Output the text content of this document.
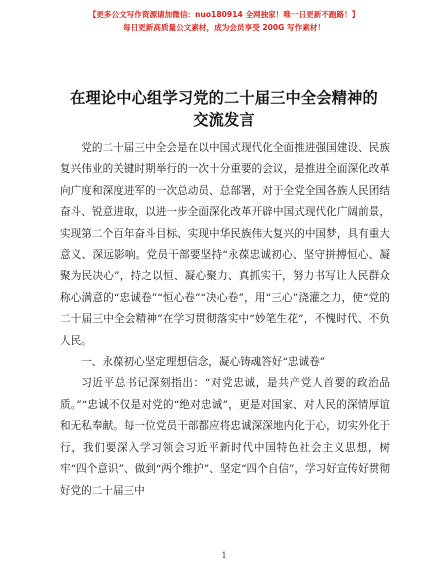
【更多公文写作资源请加微信：nuo180914 全网独家！唯一日更新不跑路！】
每日更新高质量公文素材，成为会员享受 200G 写作素材！
在理论中心组学习党的二十届三中全会精神的
交流发言

党的二十届三中全会是在以中国式现代化全面推进强国建设、民族复兴伟业的关键时期举行的一次十分重要的会议，是推进全面深化改革向广度和深度进军的一次总动员、总部署，对于全党全国各族人民团结奋斗、锐意进取，以进一步全面深化改革开辟中国式现代化广阔前景，实现第二个百年奋斗目标、实现中华民族伟大复兴的中国梦，具有重大意义、深远影响。党员干部要坚持“永葆忠诚初心、坚守拼搏恒心、凝聚为民决心”，持之以恒、凝心聚力、真抓实干，努力书写让人民群众称心满意的“忠诚卷”“恒心卷”“决心卷”，用“三心”浇灌之力，使“党的二十届三中全会精神”在学习贯彻落实中“妙笔生花”，不愧时代、不负人民。

一、永葆初心坚定理想信念，凝心铸魂答好“忠诚卷”

习近平总书记深刻指出：“对党忠诚，是共产党人首要的政治品质。”“忠诚不仅是对党的“绝对忠诚”，更是对国家、对人民的深情厚谊和无私奉献。每一位党员干部都应将忠诚深深地内化于心，切实外化于行，我们要深入学习领会习近平新时代中国特色社会主义思想，树牢“四个意识”、做到“两个维护”、坚定“四个自信”，学习好宣传好贯彻好党的二十届三中

1
